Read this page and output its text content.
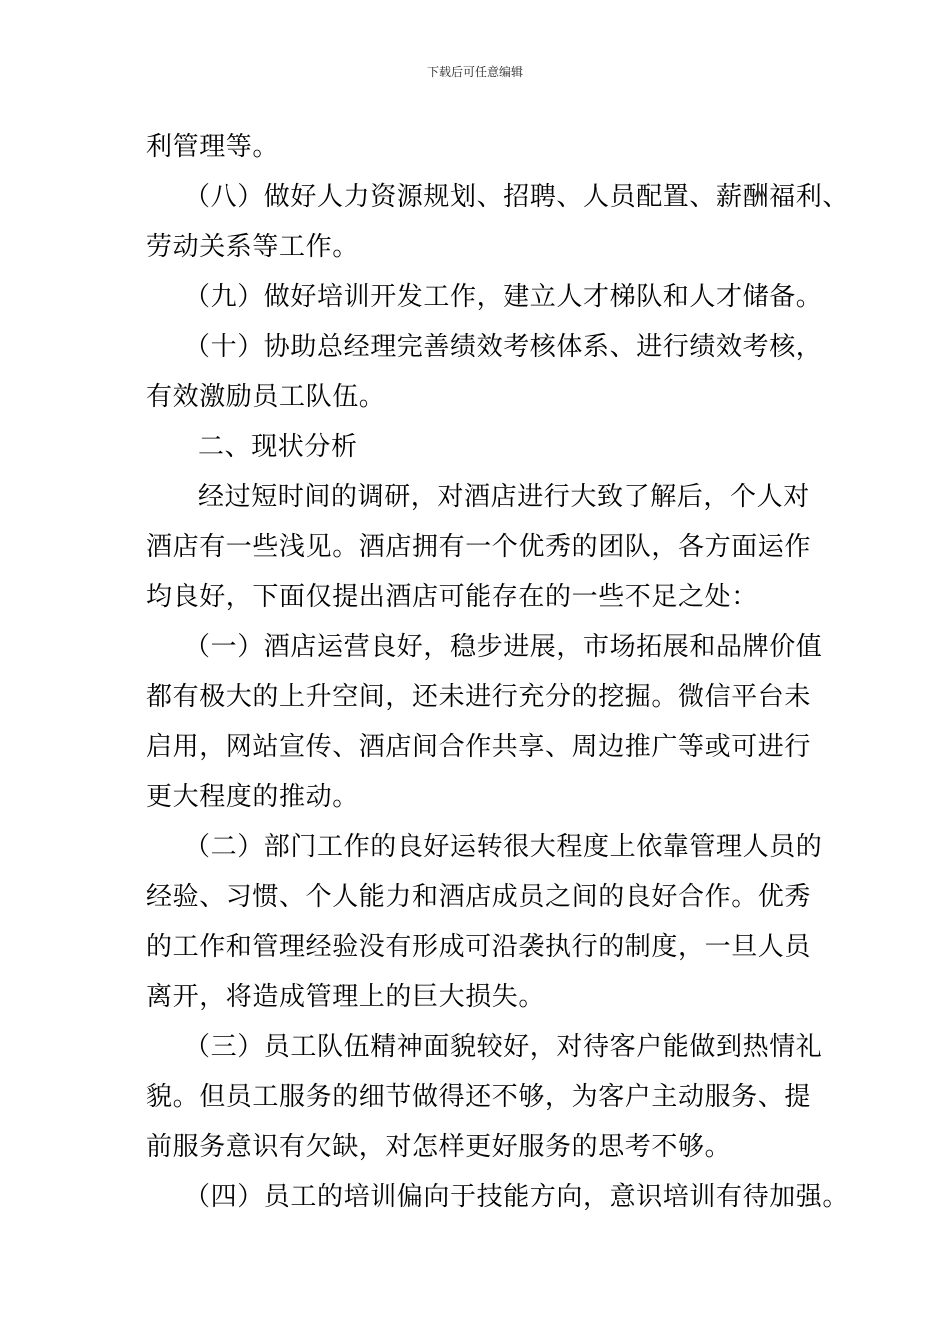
下载后可任意编辑
利管理等。
（八）做好人力资源规划、招聘、人员配置、薪酬福利、
劳动关系等工作。
（九）做好培训开发工作，建立人才梯队和人才储备。
（十）协助总经理完善绩效考核体系、进行绩效考核，
有效激励员工队伍。
二、现状分析
经过短时间的调研，对酒店进行大致了解后，个人对
酒店有一些浅见。酒店拥有一个优秀的团队，各方面运作
均良好，下面仅提出酒店可能存在的一些不足之处：
（一）酒店运营良好，稳步进展，市场拓展和品牌价值
都有极大的上升空间，还未进行充分的挖掘。微信平台未
启用，网站宣传、酒店间合作共享、周边推广等或可进行
更大程度的推动。
（二）部门工作的良好运转很大程度上依靠管理人员的
经验、习惯、个人能力和酒店成员之间的良好合作。优秀
的工作和管理经验没有形成可沿袭执行的制度，一旦人员
离开，将造成管理上的巨大损失。
（三）员工队伍精神面貌较好，对待客户能做到热情礼
貌。但员工服务的细节做得还不够，为客户主动服务、提
前服务意识有欠缺，对怎样更好服务的思考不够。
（四）员工的培训偏向于技能方向，意识培训有待加强。
